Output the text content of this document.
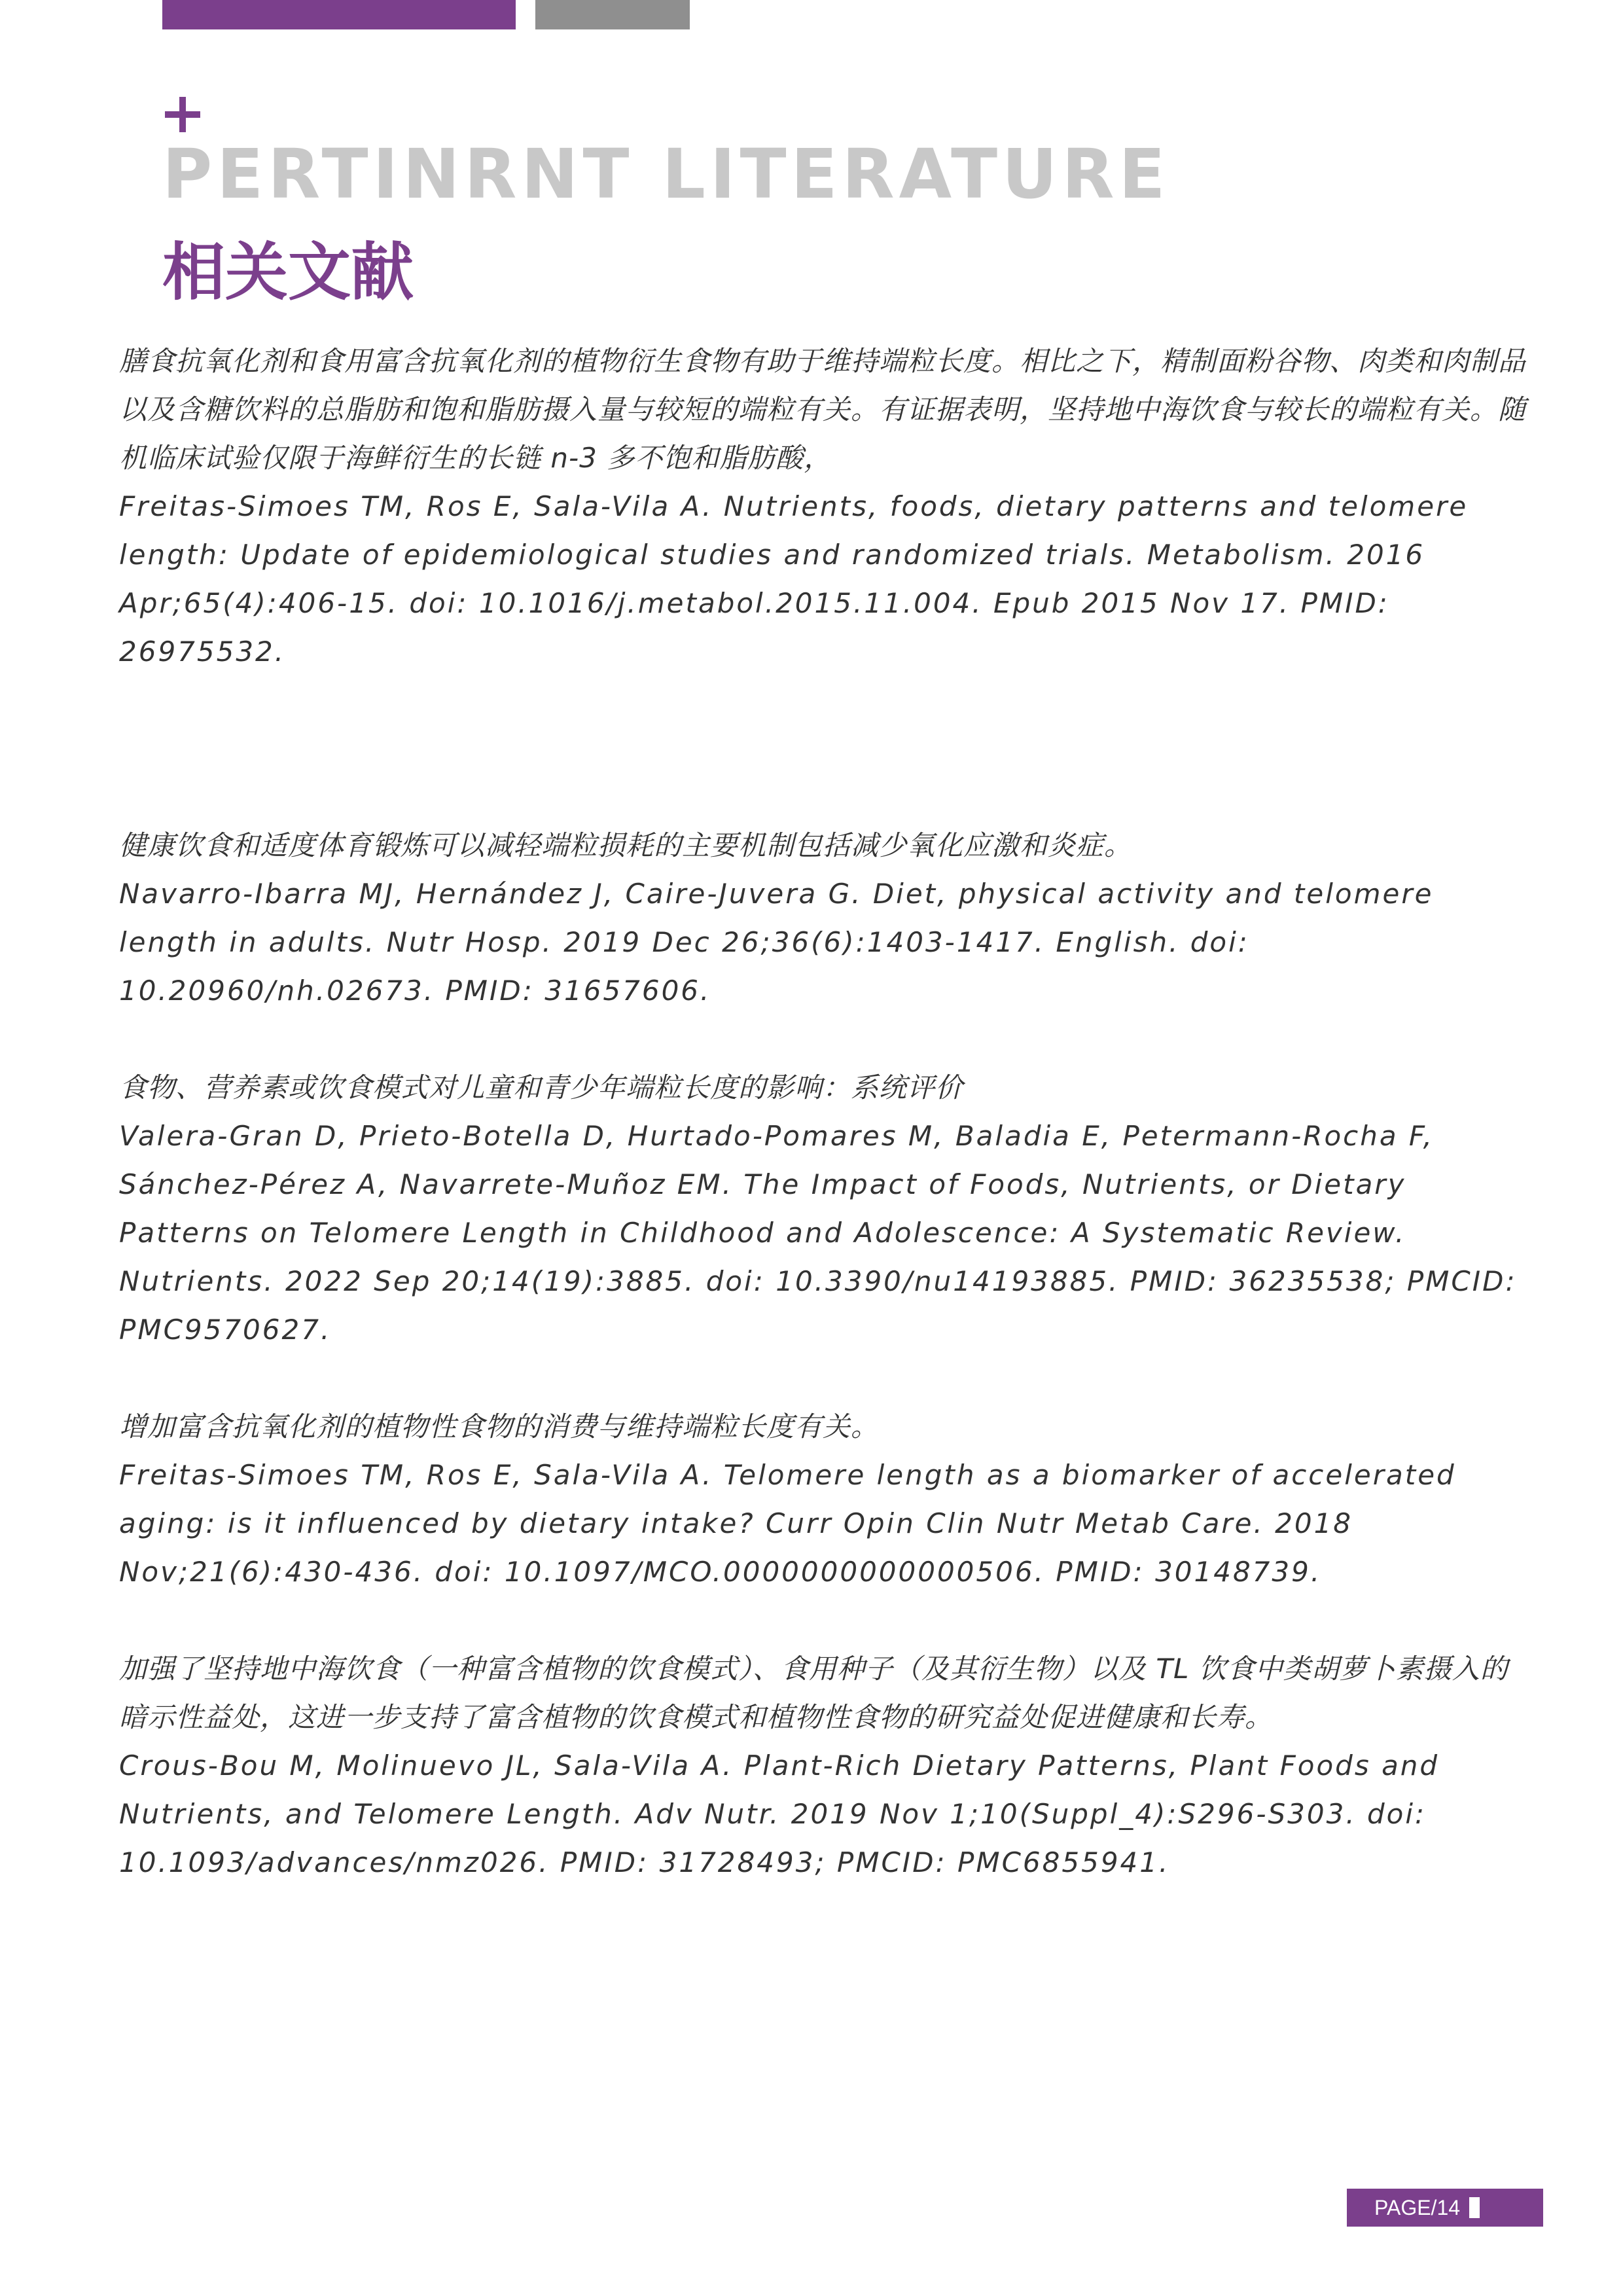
PERTINRNT LITERATURE
相关文献

膳食抗氧化剂和食用富含抗氧化剂的植物衍生食物有助于维持端粒长度。相比之下，精制面粉谷物、肉类和肉制品以及含糖饮料的总脂肪和饱和脂肪摄入量与较短的端粒有关。有证据表明，坚持地中海饮食与较长的端粒有关。随机临床试验仅限于海鲜衍生的长链 n-3 多不饱和脂肪酸，

Freitas-Simoes TM, Ros E, Sala-Vila A. Nutrients, foods, dietary patterns and telomere length: Update of epidemiological studies and randomized trials. Metabolism. 2016 Apr;65(4):406-15. doi: 10.1016/j.metabol.2015.11.004. Epub 2015 Nov 17. PMID: 26975532.

健康饮食和适度体育锻炼可以减轻端粒损耗的主要机制包括减少氧化应激和炎症。

Navarro-Ibarra MJ, Hernández J, Caire-Juvera G. Diet, physical activity and telomere length in adults. Nutr Hosp. 2019 Dec 26;36(6):1403-1417. English. doi: 10.20960/nh.02673. PMID: 31657606.

食物、营养素或饮食模式对儿童和青少年端粒长度的影响：系统评价

Valera-Gran D, Prieto-Botella D, Hurtado-Pomares M, Baladia E, Petermann-Rocha F, Sánchez-Pérez A, Navarrete-Muñoz EM. The Impact of Foods, Nutrients, or Dietary Patterns on Telomere Length in Childhood and Adolescence: A Systematic Review. Nutrients. 2022 Sep 20;14(19):3885. doi: 10.3390/nu14193885. PMID: 36235538; PMCID: PMC9570627.

增加富含抗氧化剂的植物性食物的消费与维持端粒长度有关。

Freitas-Simoes TM, Ros E, Sala-Vila A. Telomere length as a biomarker of accelerated aging: is it influenced by dietary intake? Curr Opin Clin Nutr Metab Care. 2018 Nov;21(6):430-436. doi: 10.1097/MCO.0000000000000506. PMID: 30148739.

加强了坚持地中海饮食（一种富含植物的饮食模式）、食用种子（及其衍生物）以及 TL 饮食中类胡萝卜素摄入的暗示性益处，这进一步支持了富含植物的饮食模式和植物性食物的研究益处促进健康和长寿。

Crous-Bou M, Molinuevo JL, Sala-Vila A. Plant-Rich Dietary Patterns, Plant Foods and Nutrients, and Telomere Length. Adv Nutr. 2019 Nov 1;10(Suppl_4):S296-S303. doi: 10.1093/advances/nmz026. PMID: 31728493; PMCID: PMC6855941.

PAGE/14
